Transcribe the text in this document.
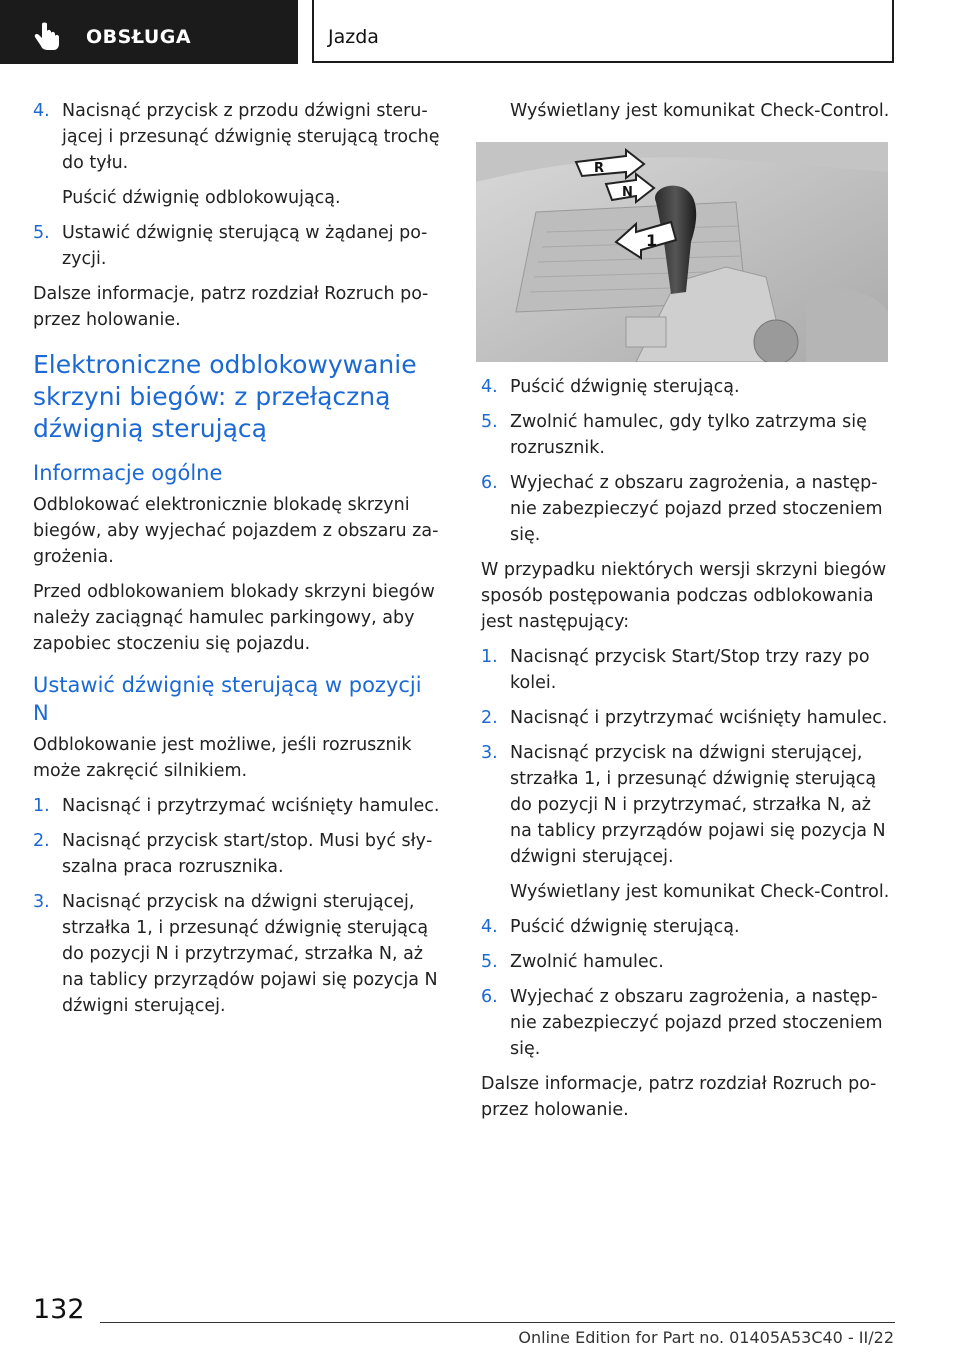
OBSŁUGA	Jazda
4. Nacisnąć przycisk z przodu dźwigni sterującej i przesunąć dźwignię sterującą trochę do tyłu.
Puścić dźwignię odblokowującą.
5. Ustawić dźwignię sterującą w żądanej pozycji.

Dalsze informacje, patrz rozdział Rozruch poprzez holowanie.

Elektroniczne odblokowywanie skrzyni biegów: z przełączną dźwignią sterującą
Informacje ogólne

Odblokować elektronicznie blokadę skrzyni biegów, aby wyjechać pojazdem z obszaru zagrożenia.

Przed odblokowaniem blokady skrzyni biegów należy zaciągnąć hamulec parkingowy, aby zapobiec stoczeniu się pojazdu.

Ustawić dźwignię sterującą w pozycji N

Odblokowanie jest możliwe, jeśli rozrusznik może zakręcić silnikiem.

1. Nacisnąć i przytrzymać wciśnięty hamulec.
2. Nacisnąć przycisk start/stop. Musi być słyszalna praca rozrusznika.
3. Nacisnąć przycisk na dźwigni sterującej, strzałka 1, i przesunąć dźwignię sterującą do pozycji N i przytrzymać, strzałka N, aż na tablicy przyrządów pojawi się pozycja N dźwigni sterującej.
Wyświetlany jest komunikat Check-Control.
R
N
1
4. Puścić dźwignię sterującą.
5. Zwolnić hamulec, gdy tylko zatrzyma się rozrusznik.
6. Wyjechać z obszaru zagrożenia, a następnie zabezpieczyć pojazd przed stoczeniem się.

W przypadku niektórych wersji skrzyni biegów sposób postępowania podczas odblokowania jest następujący:

1. Nacisnąć przycisk Start/Stop trzy razy po kolei.
2. Nacisnąć i przytrzymać wciśnięty hamulec.
3. Nacisnąć przycisk na dźwigni sterującej, strzałka 1, i przesunąć dźwignię sterującą do pozycji N i przytrzymać, strzałka N, aż na tablicy przyrządów pojawi się pozycja N dźwigni sterującej.
Wyświetlany jest komunikat Check-Control.
4. Puścić dźwignię sterującą.
5. Zwolnić hamulec.
6. Wyjechać z obszaru zagrożenia, a następnie zabezpieczyć pojazd przed stoczeniem się.

Dalsze informacje, patrz rozdział Rozruch poprzez holowanie.

132
Online Edition for Part no. 01405A53C40 - II/22
